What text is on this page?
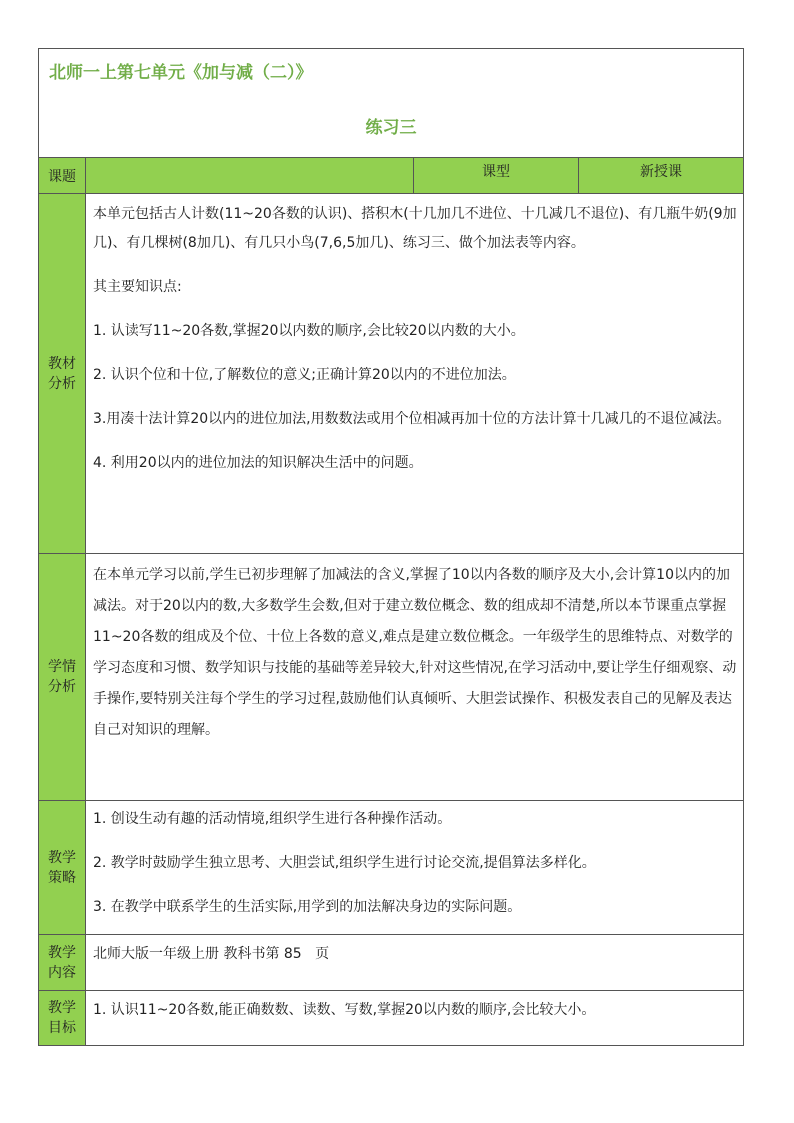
北师一上第七单元《加与减（二）》
练习三
课题	课型	新授课
教材
分析

本单元包括古人计数(11~20各数的认识)、搭积木(十几加几不进位、十几减几不退位)、有几瓶牛奶(9加几)、有几棵树(8加几)、有几只小鸟(7,6,5加几)、练习三、做个加法表等内容。

其主要知识点:

1. 认读写11~20各数,掌握20以内数的顺序,会比较20以内数的大小。

2. 认识个位和十位,了解数位的意义;正确计算20以内的不进位加法。

3.用凑十法计算20以内的进位加法,用数数法或用个位相减再加十位的方法计算十几减几的不退位减法。

4. 利用20以内的进位加法的知识解决生活中的问题。

学情
分析

在本单元学习以前,学生已初步理解了加减法的含义,掌握了10以内各数的顺序及大小,会计算10以内的加减法。对于20以内的数,大多数学生会数,但对于建立数位概念、数的组成却不清楚,所以本节课重点掌握11~20各数的组成及个位、十位上各数的意义,难点是建立数位概念。一年级学生的思维特点、对数学的学习态度和习惯、数学知识与技能的基础等差异较大,针对这些情况,在学习活动中,要让学生仔细观察、动手操作,要特别关注每个学生的学习过程,鼓励他们认真倾听、大胆尝试操作、积极发表自己的见解及表达自己对知识的理解。

教学
策略

1. 创设生动有趣的活动情境,组织学生进行各种操作活动。

2. 教学时鼓励学生独立思考、大胆尝试,组织学生进行讨论交流,提倡算法多样化。

3. 在教学中联系学生的生活实际,用学到的加法解决身边的实际问题。

教学
内容
北师大版一年级上册 教科书第 85   页
教学
目标
1. 认识11~20各数,能正确数数、读数、写数,掌握20以内数的顺序,会比较大小。
